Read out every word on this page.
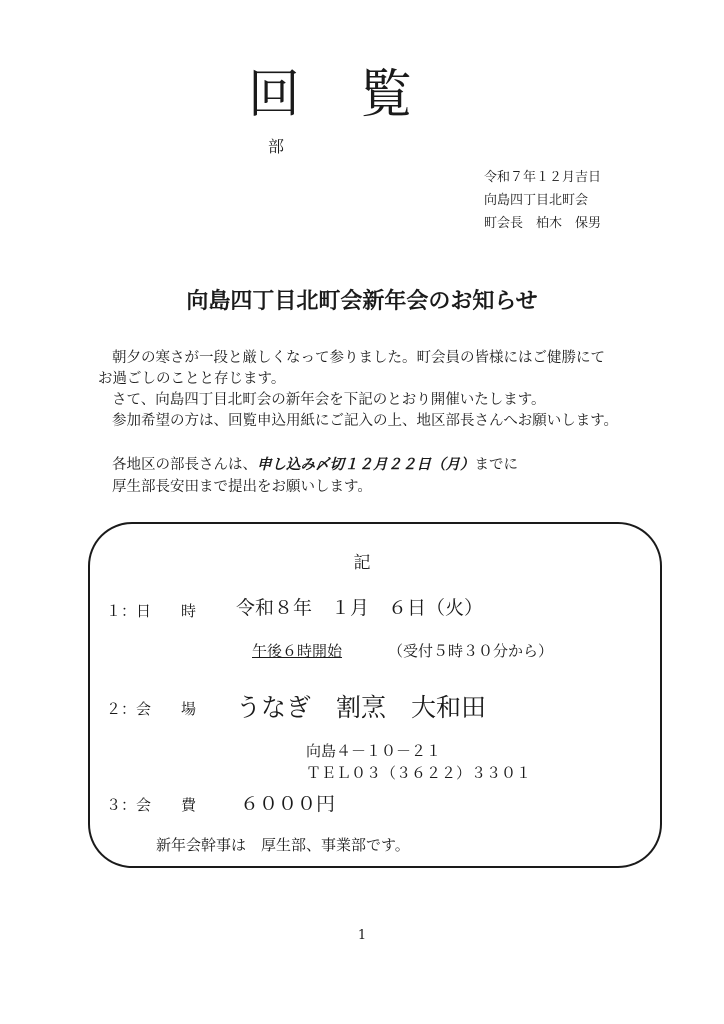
回 覧
部
令和７年１２月吉日
向島四丁目北町会
町会長　柏木　保男
向島四丁目北町会新年会のお知らせ
朝夕の寒さが一段と厳しくなって参りました。町会員の皆様にはご健勝にて
お過ごしのことと存じます。
さて、向島四丁目北町会の新年会を下記のとおり開催いたします。
参加希望の方は、回覧申込用紙にご記入の上、地区部長さんへお願いします。
各地区の部長さんは、申し込み〆切１２月２２日（月）までに
厚生部長安田まで提出をお願いします。
記
１：日　　時 令和８年　１月　６日（火）
午後６時開始	（受付５時３０分から）
２：会　　場 うなぎ　割烹　大和田
向島４－１０－２１
ＴＥＬ０３（３６２２）３３０１
３：会　　費 ６０００円
新年会幹事は　厚生部、事業部です。
1
